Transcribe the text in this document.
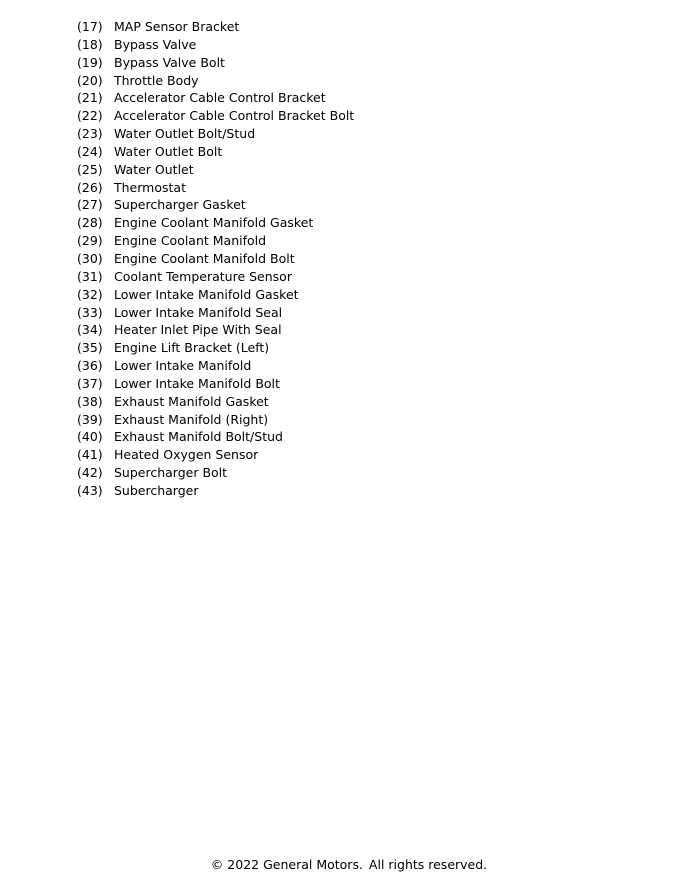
(17) MAP Sensor Bracket
(18) Bypass Valve
(19) Bypass Valve Bolt
(20) Throttle Body
(21) Accelerator Cable Control Bracket
(22) Accelerator Cable Control Bracket Bolt
(23) Water Outlet Bolt/Stud
(24) Water Outlet Bolt
(25) Water Outlet
(26) Thermostat
(27) Supercharger Gasket
(28) Engine Coolant Manifold Gasket
(29) Engine Coolant Manifold
(30) Engine Coolant Manifold Bolt
(31) Coolant Temperature Sensor
(32) Lower Intake Manifold Gasket
(33) Lower Intake Manifold Seal
(34) Heater Inlet Pipe With Seal
(35) Engine Lift Bracket (Left)
(36) Lower Intake Manifold
(37) Lower Intake Manifold Bolt
(38) Exhaust Manifold Gasket
(39) Exhaust Manifold (Right)
(40) Exhaust Manifold Bolt/Stud
(41) Heated Oxygen Sensor
(42) Supercharger Bolt
(43) Subercharger
© 2022 General Motors. All rights reserved.
